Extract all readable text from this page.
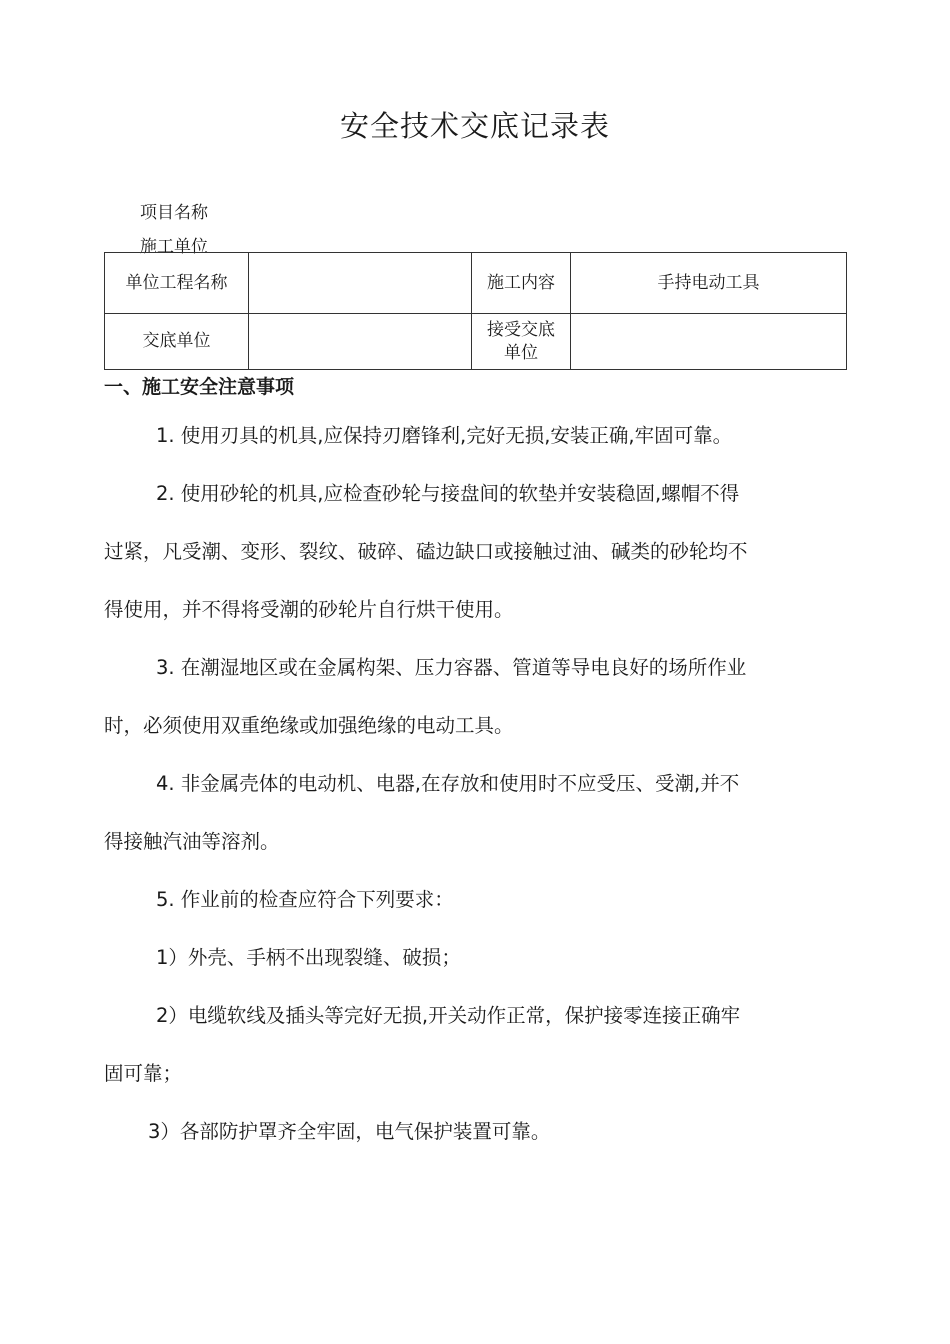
安全技术交底记录表
项目名称
施工单位
单位工程名称		施工内容	手持电动工具
交底单位		接受交底
单位	

一、施工安全注意事项
1. 使用刃具的机具,应保持刃磨锋利,完好无损,安装正确,牢固可靠。
2. 使用砂轮的机具,应检查砂轮与接盘间的软垫并安装稳固,螺帽不得
过紧，凡受潮、变形、裂纹、破碎、磕边缺口或接触过油、碱类的砂轮均不
得使用，并不得将受潮的砂轮片自行烘干使用。
3. 在潮湿地区或在金属构架、压力容器、管道等导电良好的场所作业
时，必须使用双重绝缘或加强绝缘的电动工具。
4. 非金属壳体的电动机、电器,在存放和使用时不应受压、受潮,并不
得接触汽油等溶剂。
5. 作业前的检查应符合下列要求：
1）外壳、手柄不出现裂缝、破损；
2）电缆软线及插头等完好无损,开关动作正常，保护接零连接正确牢
固可靠；
3）各部防护罩齐全牢固，电气保护装置可靠。
